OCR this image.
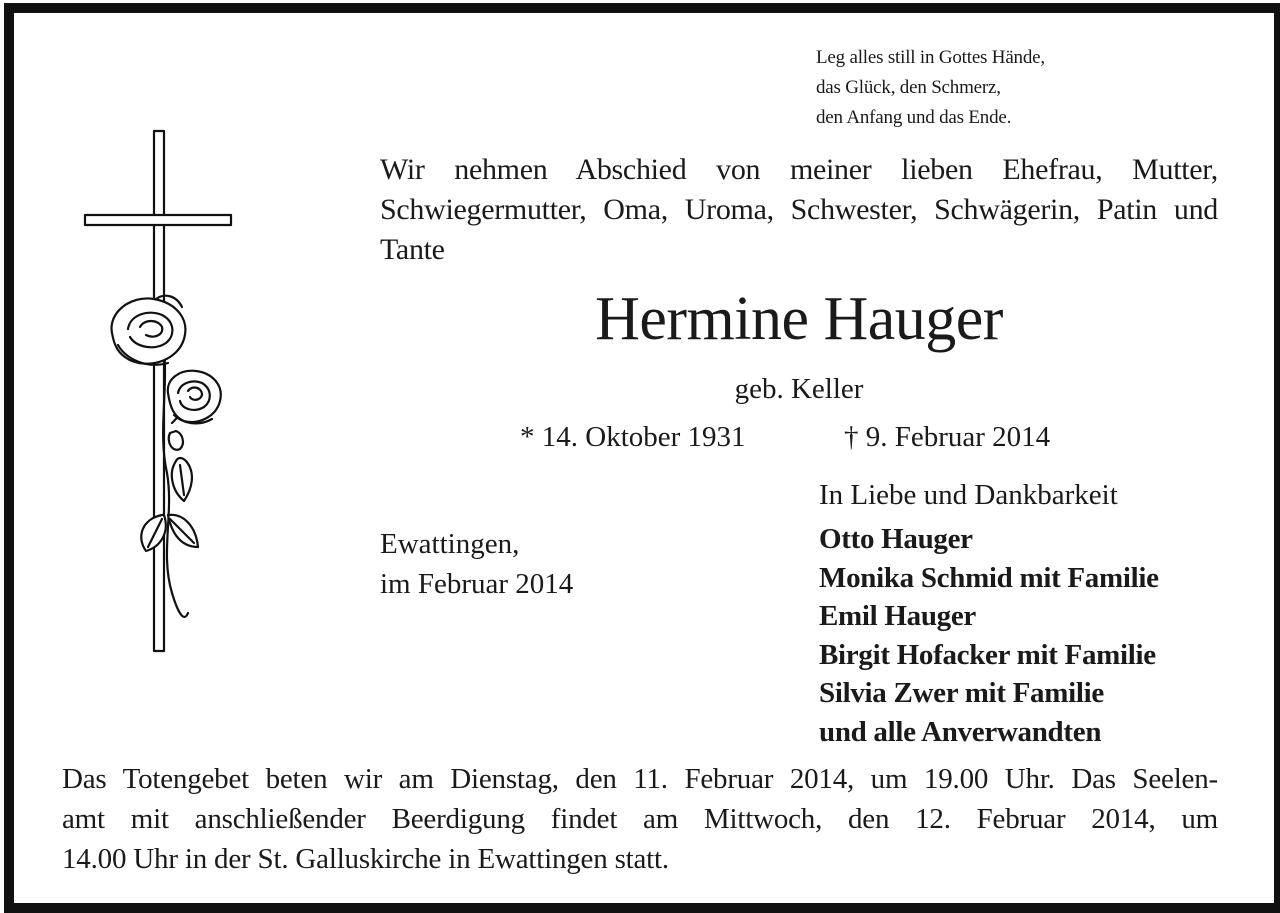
Leg alles still in Gottes Hände,
das Glück, den Schmerz,
den Anfang und das Ende.
Wir nehmen Abschied von meiner lieben Ehefrau, Mutter, Schwiegermutter, Oma, Uroma, Schwester, Schwägerin, Patin und Tante
Hermine Hauger
geb. Keller
* 14. Oktober 1931	† 9. Februar 2014
Ewattingen,
im Februar 2014
In Liebe und Dankbarkeit
Otto Hauger
Monika Schmid mit Familie
Emil Hauger
Birgit Hofacker mit Familie
Silvia Zwer mit Familie
und alle Anverwandten
Das Totengebet beten wir am Dienstag, den 11. Februar 2014, um 19.00 Uhr. Das Seelen-
amt mit anschließender Beerdigung findet am Mittwoch, den 12. Februar 2014, um
14.00 Uhr in der St. Galluskirche in Ewattingen statt.
